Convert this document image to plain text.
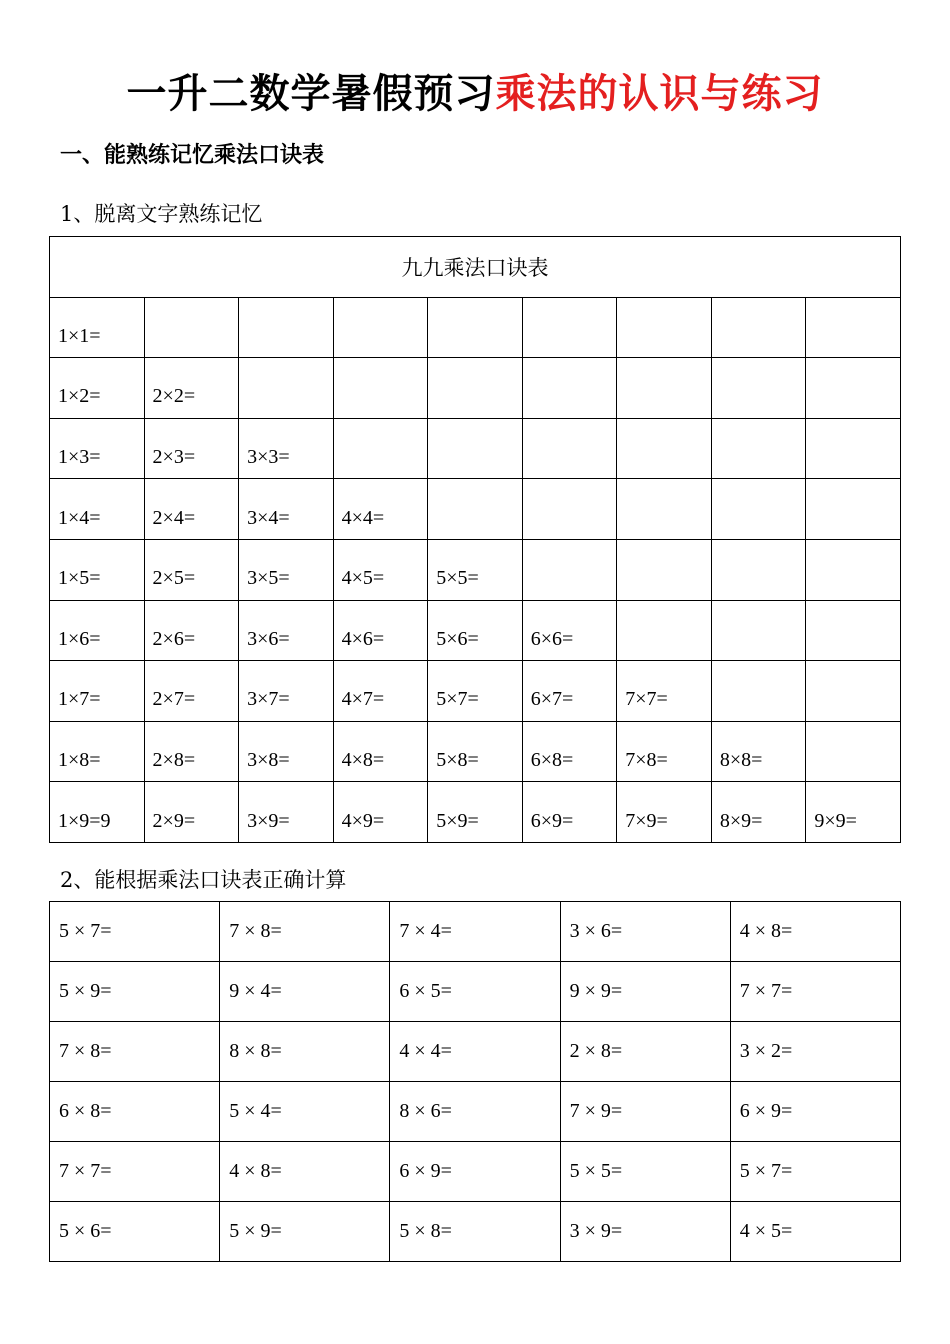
一升二数学暑假预习乘法的认识与练习
一、能熟练记忆乘法口诀表
1、脱离文字熟练记忆
九九乘法口诀表								
1×1=								
1×2=	2×2=							
1×3=	2×3=	3×3=						
1×4=	2×4=	3×4=	4×4=					
1×5=	2×5=	3×5=	4×5=	5×5=				
1×6=	2×6=	3×6=	4×6=	5×6=	6×6=			
1×7=	2×7=	3×7=	4×7=	5×7=	6×7=	7×7=		
1×8=	2×8=	3×8=	4×8=	5×8=	6×8=	7×8=	8×8=	
1×9=9	2×9=	3×9=	4×9=	5×9=	6×9=	7×9=	8×9=	9×9=
2、能根据乘法口诀表正确计算
5 × 7=	7 × 8=	7 × 4=	3 × 6=	4 × 8=
5 × 9=	9 × 4=	6 × 5=	9 × 9=	7 × 7=
7 × 8=	8 × 8=	4 × 4=	2 × 8=	3 × 2=
6 × 8=	5 × 4=	8 × 6=	7 × 9=	6 × 9=
7 × 7=	4 × 8=	6 × 9=	5 × 5=	5 × 7=
5 × 6=	5 × 9=	5 × 8=	3 × 9=	4 × 5=
